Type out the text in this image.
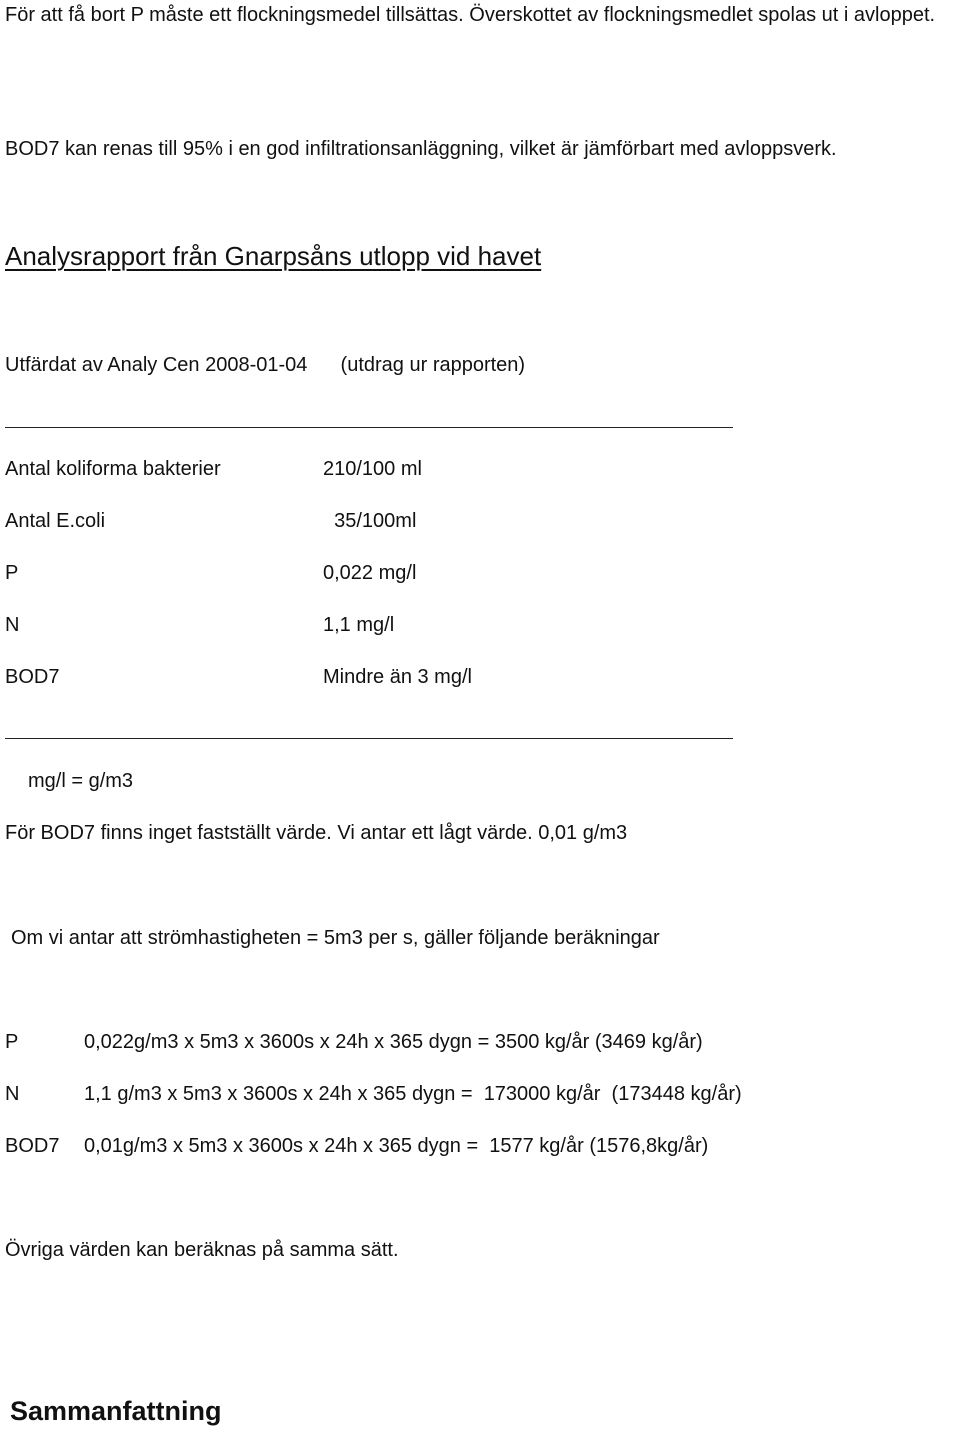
För att få bort P måste ett flockningsmedel tillsättas. Överskottet av flockningsmedlet spolas ut i avloppet.

BOD7 kan renas till 95% i en god infiltrationsanläggning, vilket är jämförbart med avloppsverk.

Analysrapport från Gnarpsåns utlopp vid havet
Utfärdat av Analy Cen 2008-01-04 (utdrag ur rapporten)
Antal koliforma bakterier	210/100 ml
Antal E.coli	35/100ml
P	0,022 mg/l
N	1,1 mg/l
BOD7	Mindre än 3 mg/l

mg/l = g/m3

För BOD7 finns inget fastställt värde. Vi antar ett lågt värde. 0,01 g/m3

Om vi antar att strömhastigheten = 5m3 per s, gäller följande beräkningar

P	0,022g/m3 x 5m3 x 3600s x 24h x 365 dygn = 3500 kg/år (3469 kg/år)
N	1,1 g/m3 x 5m3 x 3600s x 24h x 365 dygn =  173000 kg/år  (173448 kg/år)
BOD7 0,01g/m3 x 5m3 x 3600s x 24h x 365 dygn =  1577 kg/år (1576,8kg/år)

Övriga värden kan beräknas på samma sätt.

Sammanfattning
